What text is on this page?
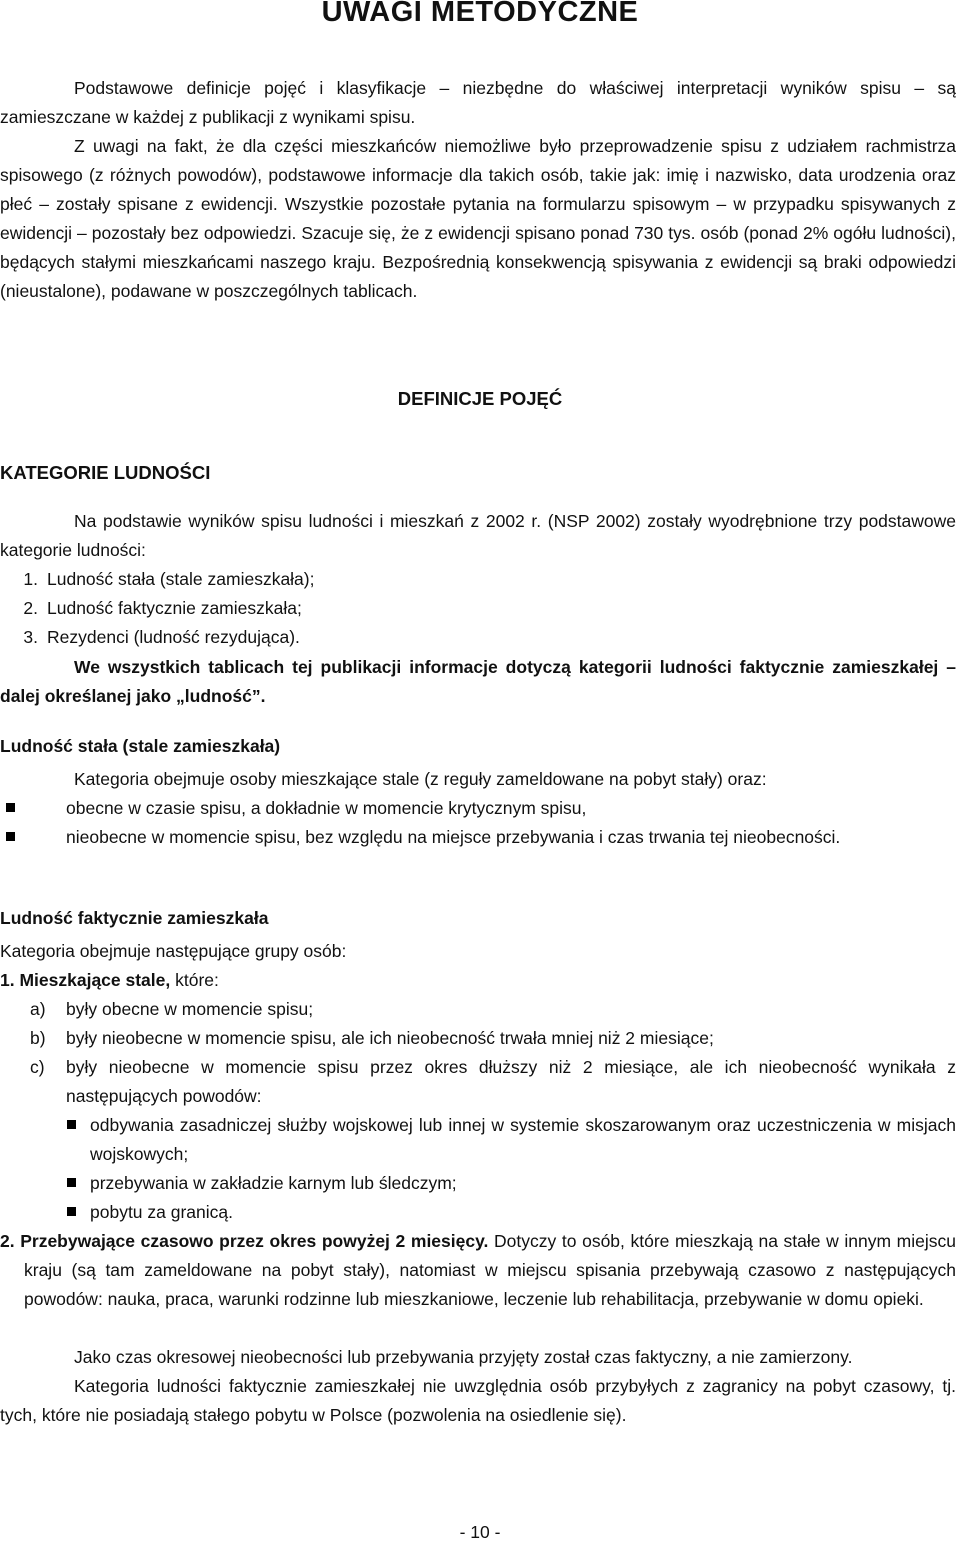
UWAGI METODYCZNE

Podstawowe definicje pojęć i klasyfikacje – niezbędne do właściwej interpretacji wyników spisu – są zamieszczane w każdej z publikacji z wynikami spisu.

Z uwagi na fakt, że dla części mieszkańców niemożliwe było przeprowadzenie spisu z udziałem rachmistrza spisowego (z różnych powodów), podstawowe informacje dla takich osób, takie jak: imię i nazwisko, data urodzenia oraz płeć – zostały spisane z ewidencji. Wszystkie pozostałe pytania na formularzu spisowym – w przypadku spisywanych z ewidencji – pozostały bez odpowiedzi. Szacuje się, że z ewidencji spisano ponad 730 tys. osób (ponad 2% ogółu ludności), będących stałymi mieszkańcami naszego kraju. Bezpośrednią konsekwencją spisywania z ewidencji są braki odpowiedzi (nieustalone), podawane w poszczególnych tablicach.

DEFINICJE POJĘĆ
KATEGORIE LUDNOŚCI

Na podstawie wyników spisu ludności i mieszkań z 2002 r. (NSP 2002) zostały wyodrębnione trzy podstawowe kategorie ludności:

1. Ludność stała (stale zamieszkała);

2. Ludność faktycznie zamieszkała;

3. Rezydenci (ludność rezydująca).

We wszystkich tablicach tej publikacji informacje dotyczą kategorii ludności faktycznie zamieszkałej – dalej określanej jako „ludność”.

Ludność stała (stale zamieszkała)

Kategoria obejmuje osoby mieszkające stale (z reguły zameldowane na pobyt stały) oraz:

obecne w czasie spisu, a dokładnie w momencie krytycznym spisu,

nieobecne w momencie spisu, bez względu na miejsce przebywania i czas trwania tej nieobecności.

Ludność faktycznie zamieszkała

Kategoria obejmuje następujące grupy osób:

1. Mieszkające stale, które:

a) były obecne w momencie spisu;

b) były nieobecne w momencie spisu, ale ich nieobecność trwała mniej niż 2 miesiące;

c) były nieobecne w momencie spisu przez okres dłuższy niż 2 miesiące, ale ich nieobecność wynikała z następujących powodów:

odbywania zasadniczej służby wojskowej lub innej w systemie skoszarowanym oraz uczestniczenia w misjach wojskowych;

przebywania w zakładzie karnym lub śledczym;

pobytu za granicą.

2. Przebywające czasowo przez okres powyżej 2 miesięcy. Dotyczy to osób, które mieszkają na stałe w innym miejscu kraju (są tam zameldowane na pobyt stały), natomiast w miejscu spisania przebywają czasowo z następujących powodów: nauka, praca, warunki rodzinne lub mieszkaniowe, leczenie lub rehabilitacja, przebywanie w domu opieki.

Jako czas okresowej nieobecności lub przebywania przyjęty został czas faktyczny, a nie zamierzony.

Kategoria ludności faktycznie zamieszkałej nie uwzględnia osób przybyłych z zagranicy na pobyt czasowy, tj. tych, które nie posiadają stałego pobytu w Polsce (pozwolenia na osiedlenie się).

- 10 -
